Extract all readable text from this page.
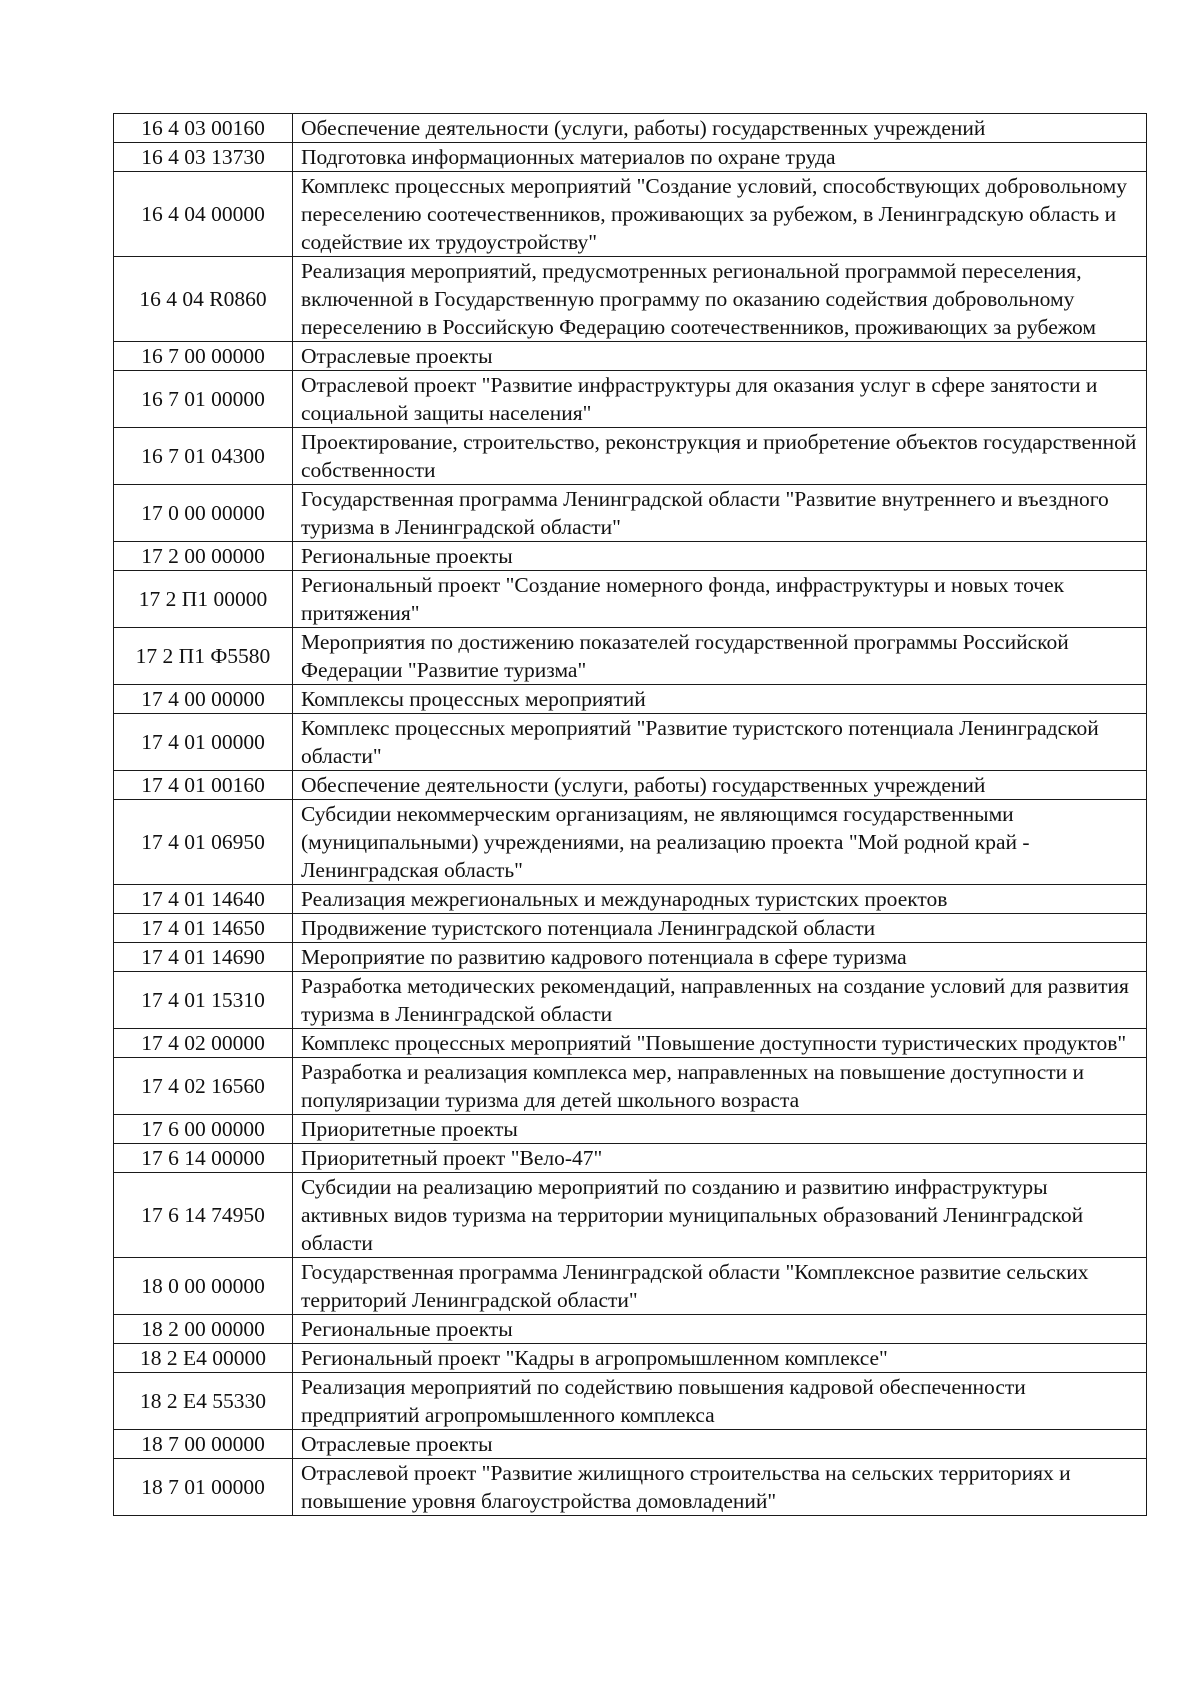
16 4 03 00160	Обеспечение деятельности (услуги, работы) государственных учреждений
16 4 03 13730	Подготовка информационных материалов по охране труда
16 4 04 00000	Комплекс процессных мероприятий "Создание условий, способствующих добровольному переселению соотечественников, проживающих за рубежом, в Ленинградскую область и содействие их трудоустройству"
16 4 04 R0860	Реализация мероприятий, предусмотренных региональной программой переселения, включенной в Государственную программу по оказанию содействия добровольному переселению в Российскую Федерацию соотечественников, проживающих за рубежом
16 7 00 00000	Отраслевые проекты
16 7 01 00000	Отраслевой проект "Развитие инфраструктуры для оказания услуг в сфере занятости и социальной защиты населения"
16 7 01 04300	Проектирование, строительство, реконструкция и приобретение объектов государственной собственности
17 0 00 00000	Государственная программа Ленинградской области "Развитие внутреннего и въездного туризма в Ленинградской области"
17 2 00 00000	Региональные проекты
17 2 П1 00000	Региональный проект "Создание номерного фонда, инфраструктуры и новых точек притяжения"
17 2 П1 Ф5580	Мероприятия по достижению показателей государственной программы Российской Федерации "Развитие туризма"
17 4 00 00000	Комплексы процессных мероприятий
17 4 01 00000	Комплекс процессных мероприятий "Развитие туристского потенциала Ленинградской области"
17 4 01 00160	Обеспечение деятельности (услуги, работы) государственных учреждений
17 4 01 06950	Субсидии некоммерческим организациям, не являющимся государственными (муниципальными) учреждениями, на реализацию проекта "Мой родной край - Ленинградская область"
17 4 01 14640	Реализация межрегиональных и международных туристских проектов
17 4 01 14650	Продвижение туристского потенциала Ленинградской области
17 4 01 14690	Мероприятие по развитию кадрового потенциала в сфере туризма
17 4 01 15310	Разработка методических рекомендаций, направленных на создание условий для развития туризма в Ленинградской области
17 4 02 00000	Комплекс процессных мероприятий "Повышение доступности туристических продуктов"
17 4 02 16560	Разработка и реализация комплекса мер, направленных на повышение доступности и популяризации туризма для детей школьного возраста
17 6 00 00000	Приоритетные проекты
17 6 14 00000	Приоритетный проект "Вело-47"
17 6 14 74950	Субсидии на реализацию мероприятий по созданию и развитию инфраструктуры активных видов туризма на территории муниципальных образований Ленинградской области
18 0 00 00000	Государственная программа Ленинградской области "Комплексное развитие сельских территорий Ленинградской области"
18 2 00 00000	Региональные проекты
18 2 Е4 00000	Региональный проект "Кадры в агропромышленном комплексе"
18 2 Е4 55330	Реализация мероприятий по содействию повышения кадровой обеспеченности предприятий агропромышленного комплекса
18 7 00 00000	Отраслевые проекты
18 7 01 00000	Отраслевой проект "Развитие жилищного строительства на сельских территориях и повышение уровня благоустройства домовладений"
